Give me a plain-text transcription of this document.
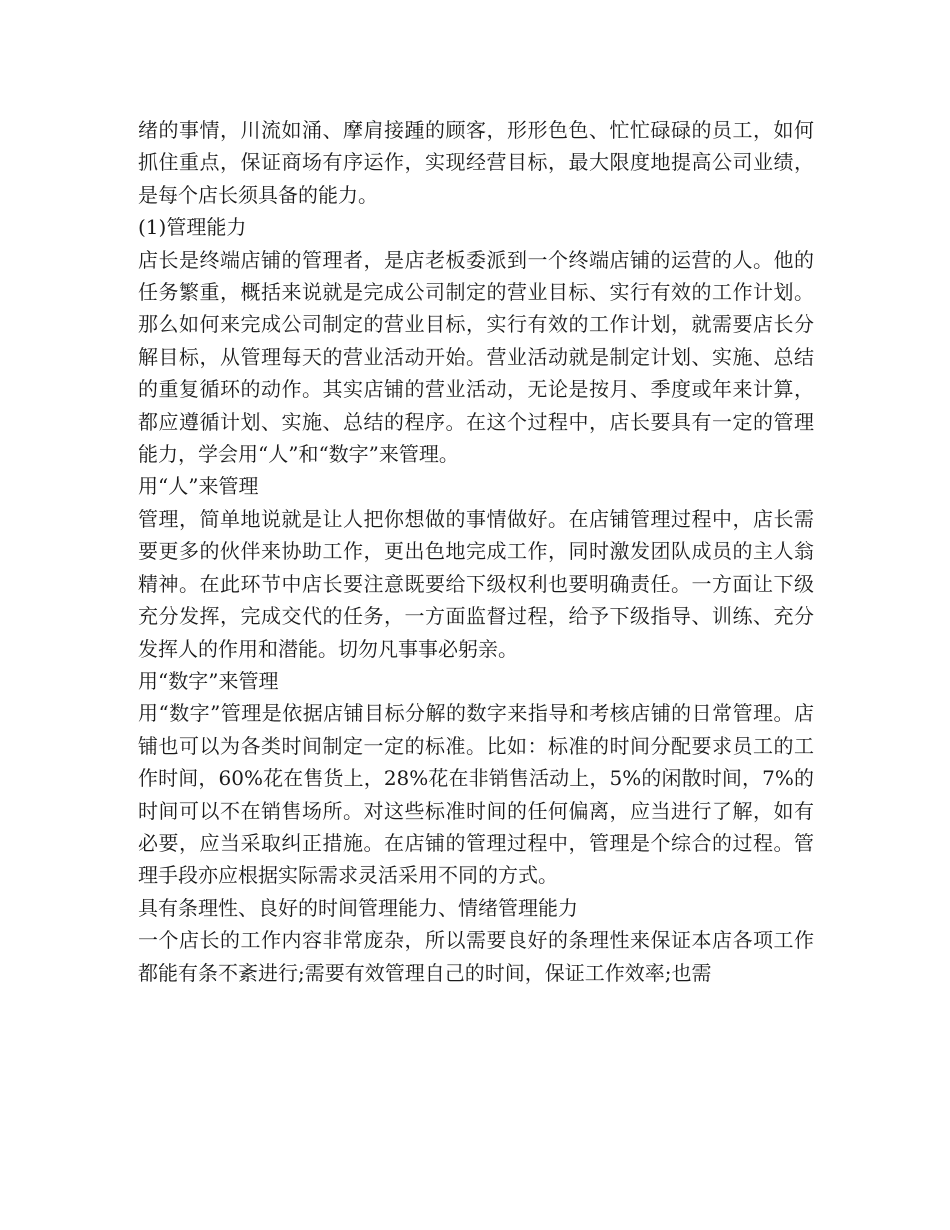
绪的事情，川流如涌、摩肩接踵的顾客，形形色色、忙忙碌碌的员工，如何抓住重点，保证商场有序运作，实现经营目标，最大限度地提高公司业绩，是每个店长须具备的能力。

(1)管理能力

店长是终端店铺的管理者，是店老板委派到一个终端店铺的运营的人。他的任务繁重，概括来说就是完成公司制定的营业目标、实行有效的工作计划。那么如何来完成公司制定的营业目标，实行有效的工作计划，就需要店长分解目标，从管理每天的营业活动开始。营业活动就是制定计划、实施、总结的重复循环的动作。其实店铺的营业活动，无论是按月、季度或年来计算，都应遵循计划、实施、总结的程序。在这个过程中，店长要具有一定的管理能力，学会用“人”和“数字”来管理。

用“人”来管理

管理，简单地说就是让人把你想做的事情做好。在店铺管理过程中，店长需要更多的伙伴来协助工作，更出色地完成工作，同时激发团队成员的主人翁精神。在此环节中店长要注意既要给下级权利也要明确责任。一方面让下级充分发挥，完成交代的任务，一方面监督过程，给予下级指导、训练、充分发挥人的作用和潜能。切勿凡事事必躬亲。

用“数字”来管理

用“数字”管理是依据店铺目标分解的数字来指导和考核店铺的日常管理。店铺也可以为各类时间制定一定的标准。比如：标准的时间分配要求员工的工作时间，60%花在售货上，28%花在非销售活动上，5%的闲散时间，7%的时间可以不在销售场所。对这些标准时间的任何偏离，应当进行了解，如有必要，应当采取纠正措施。在店铺的管理过程中，管理是个综合的过程。管理手段亦应根据实际需求灵活采用不同的方式。

具有条理性、良好的时间管理能力、情绪管理能力

一个店长的工作内容非常庞杂，所以需要良好的条理性来保证本店各项工作都能有条不紊进行;需要有效管理自己的时间，保证工作效率;也需
